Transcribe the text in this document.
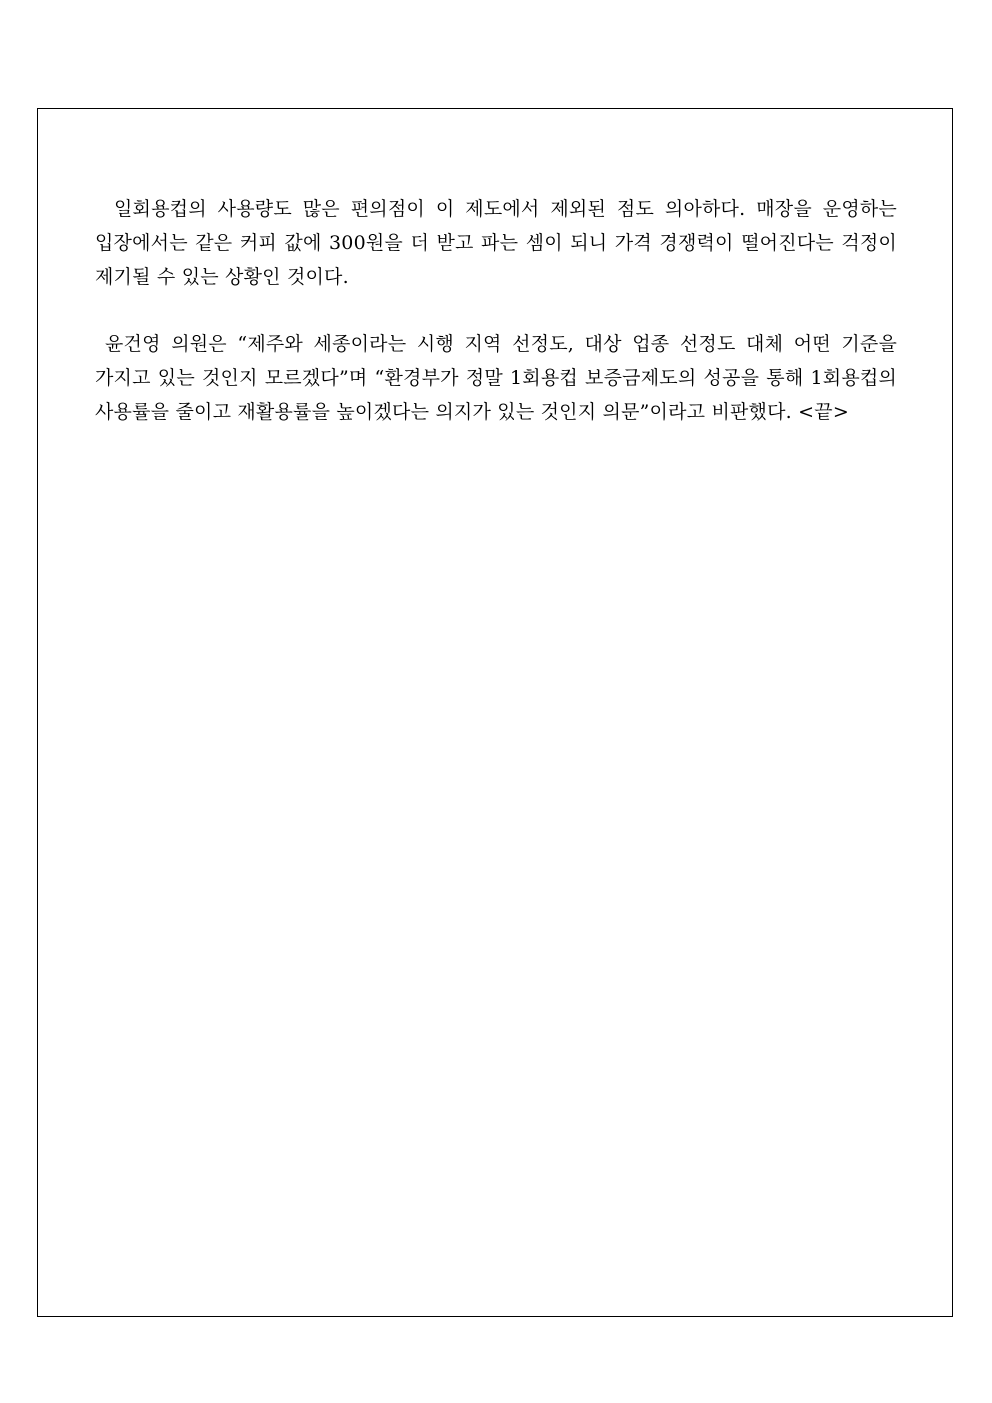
일회용컵의 사용량도 많은 편의점이 이 제도에서 제외된 점도 의아하다. 매장을 운영하는 입장에서는 같은 커피 값에 300원을 더 받고 파는 셈이 되니 가격 경쟁력이 떨어진다는 걱정이 제기될 수 있는 상황인 것이다.

윤건영 의원은 “제주와 세종이라는 시행 지역 선정도, 대상 업종 선정도 대체 어떤 기준을 가지고 있는 것인지 모르겠다”며 “환경부가 정말 1회용컵 보증금제도의 성공을 통해 1회용컵의 사용률을 줄이고 재활용률을 높이겠다는 의지가 있는 것인지 의문”이라고 비판했다. <끝>
